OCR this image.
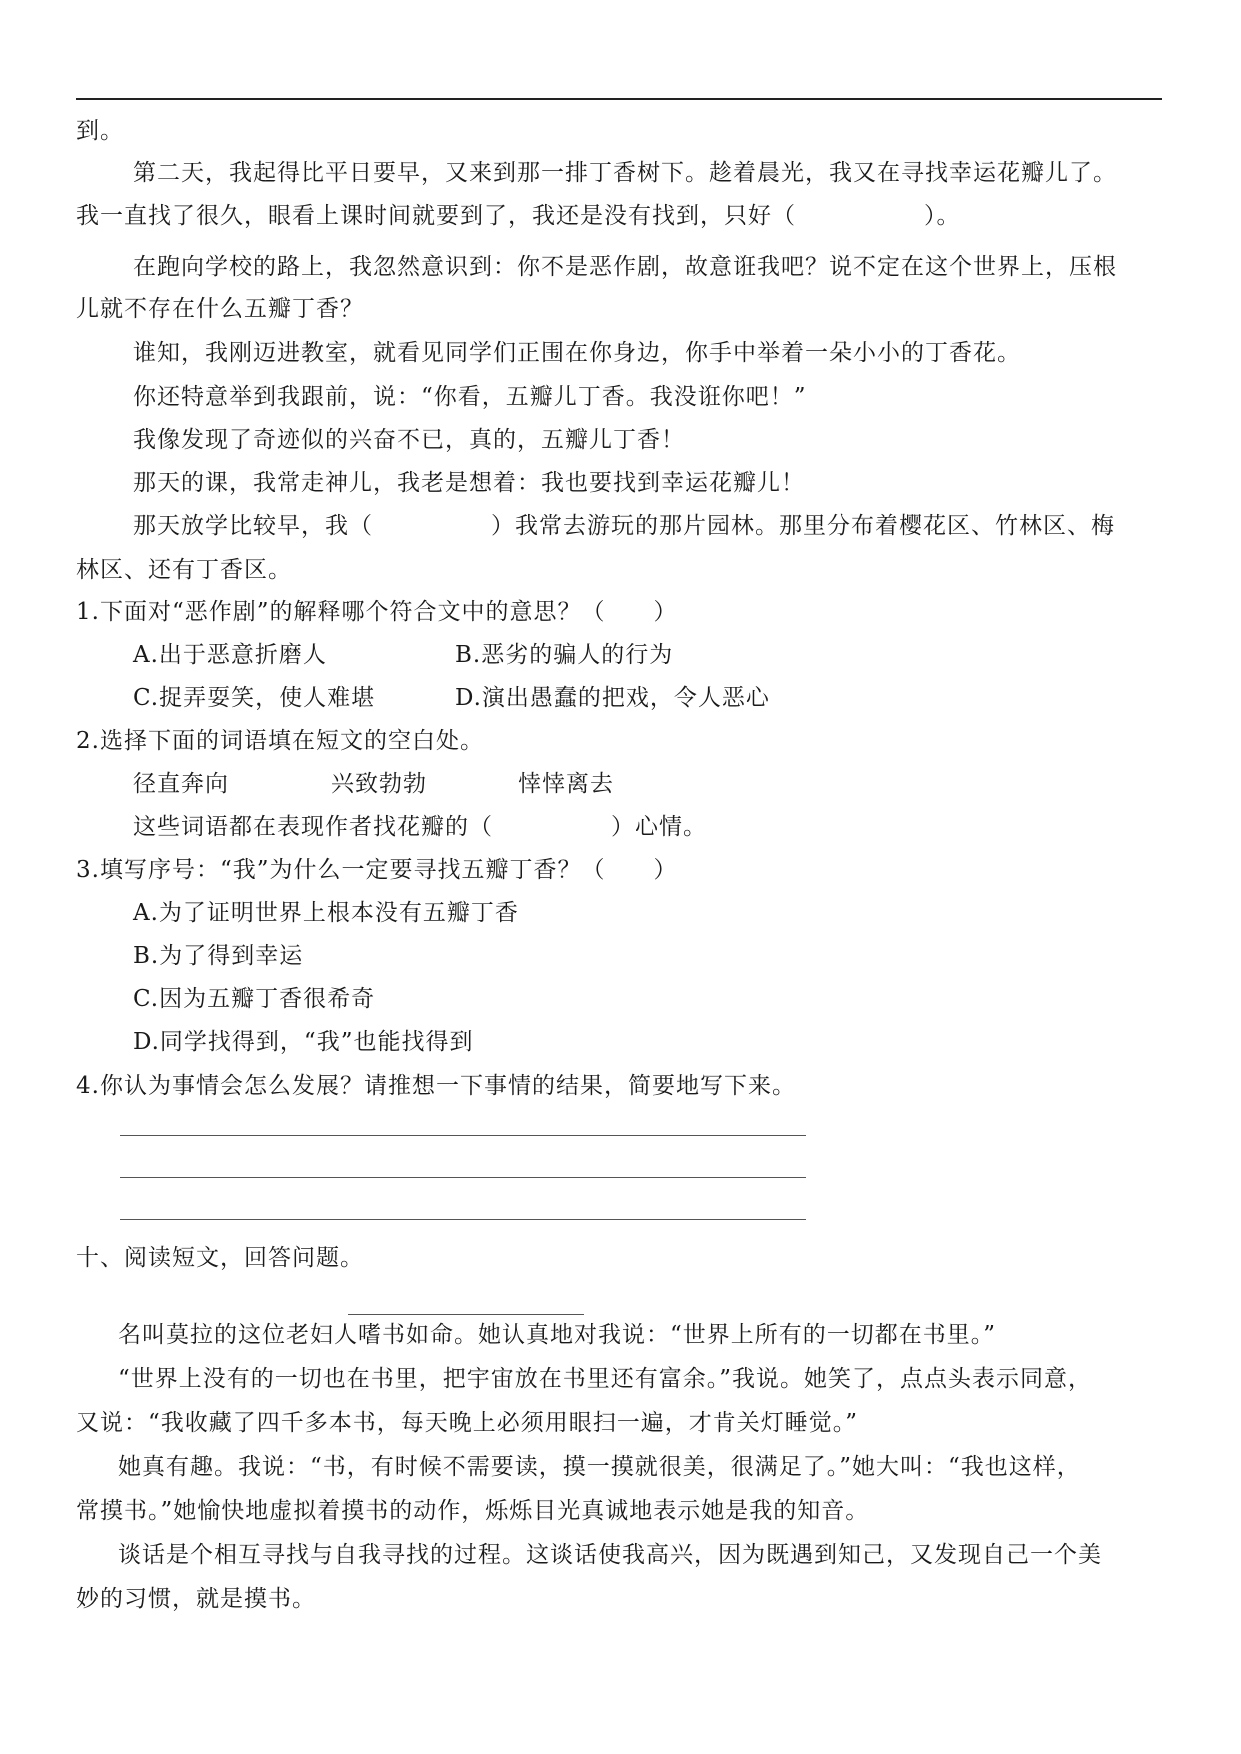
到。
第二天，我起得比平日要早，又来到那一排丁香树下。趁着晨光，我又在寻找幸运花瓣儿了。
我一直找了很久，眼看上课时间就要到了，我还是没有找到，只好（	）。
在跑向学校的路上，我忽然意识到：你不是恶作剧，故意诳我吧？说不定在这个世界上，压根
儿就不存在什么五瓣丁香？
谁知，我刚迈进教室，就看见同学们正围在你身边，你手中举着一朵小小的丁香花。
你还特意举到我跟前，说：“你看，五瓣儿丁香。我没诳你吧！”
我像发现了奇迹似的兴奋不已，真的，五瓣儿丁香！
那天的课，我常走神儿，我老是想着：我也要找到幸运花瓣儿！
那天放学比较早，我（	）我常去游玩的那片园林。那里分布着樱花区、竹林区、梅
林区、还有丁香区。
1.下面对“恶作剧”的解释哪个符合文中的意思？（　　）
A.出于恶意折磨人	B.恶劣的骗人的行为
C.捉弄耍笑，使人难堪	D.演出愚蠢的把戏，令人恶心
2.选择下面的词语填在短文的空白处。
径直奔向	兴致勃勃	悻悻离去
这些词语都在表现作者找花瓣的（	）心情。
3.填写序号：“我”为什么一定要寻找五瓣丁香？（　　）
A.为了证明世界上根本没有五瓣丁香
B.为了得到幸运
C.因为五瓣丁香很希奇
D.同学找得到，“我”也能找得到
4.你认为事情会怎么发展？请推想一下事情的结果，简要地写下来。
十、阅读短文，回答问题。
名叫莫拉的这位老妇人嗜书如命。她认真地对我说：“世界上所有的一切都在书里。”
“世界上没有的一切也在书里，把宇宙放在书里还有富余。”我说。她笑了，点点头表示同意，
又说：“我收藏了四千多本书，每天晚上必须用眼扫一遍，才肯关灯睡觉。”
她真有趣。我说：“书，有时候不需要读，摸一摸就很美，很满足了。”她大叫：“我也这样，
常摸书。”她愉快地虚拟着摸书的动作，烁烁目光真诚地表示她是我的知音。
谈话是个相互寻找与自我寻找的过程。这谈话使我高兴，因为既遇到知己，又发现自己一个美
妙的习惯，就是摸书。
